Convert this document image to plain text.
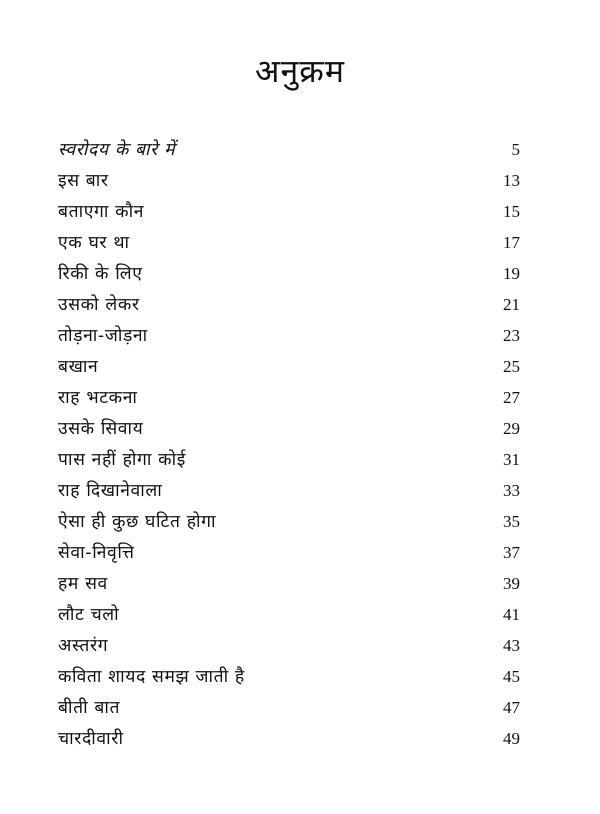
अनुक्रम
स्वरोदय के बारे में	5
इस बार	13
बताएगा कौन	15
एक घर था	17
रिकी के लिए	19
उसको लेकर	21
तोड़ना-जोड़ना	23
बखान	25
राह भटकना	27
उसके सिवाय	29
पास नहीं होगा कोई	31
राह दिखानेवाला	33
ऐसा ही कुछ घटित होगा	35
सेवा-निवृत्ति	37
हम सव	39
लौट चलो	41
अस्तरंग	43
कविता शायद समझ जाती है	45
बीती बात	47
चारदीवारी	49
